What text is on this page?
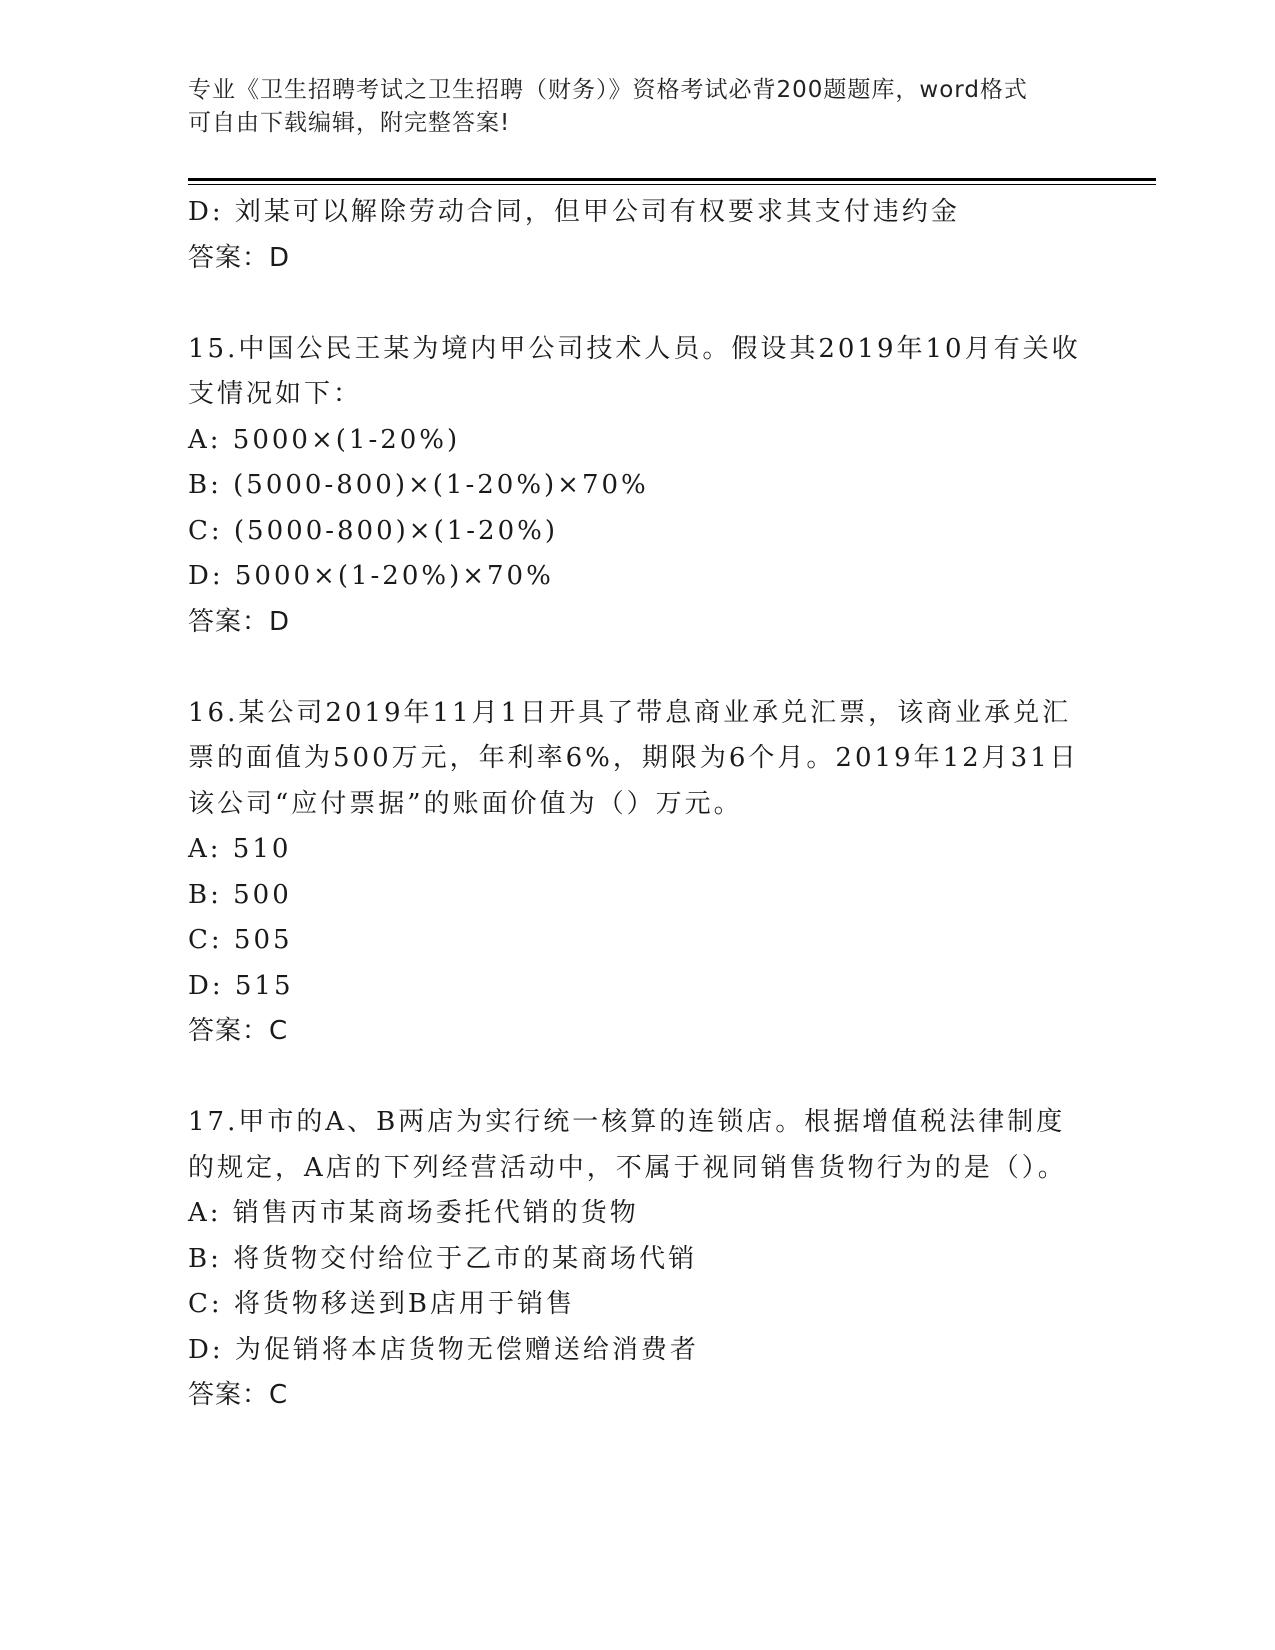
专业《卫生招聘考试之卫生招聘（财务）》资格考试必背200题题库，word格式
可自由下载编辑，附完整答案!
D: 刘某可以解除劳动合同，但甲公司有权要求其支付违约金
答案：D
15.中国公民王某为境内甲公司技术人员。假设其2019年10月有关收
支情况如下：
A: 5000×(1-20%)
B: (5000-800)×(1-20%)×70%
C: (5000-800)×(1-20%)
D: 5000×(1-20%)×70%
答案：D
16.某公司2019年11月1日开具了带息商业承兑汇票，该商业承兑汇
票的面值为500万元，年利率6%，期限为6个月。2019年12月31日
该公司“应付票据”的账面价值为（）万元。
A: 510
B: 500
C: 505
D: 515
答案：C
17.甲市的A、B两店为实行统一核算的连锁店。根据增值税法律制度
的规定，A店的下列经营活动中，不属于视同销售货物行为的是（）。
A: 销售丙市某商场委托代销的货物
B: 将货物交付给位于乙市的某商场代销
C: 将货物移送到B店用于销售
D: 为促销将本店货物无偿赠送给消费者
答案：C
